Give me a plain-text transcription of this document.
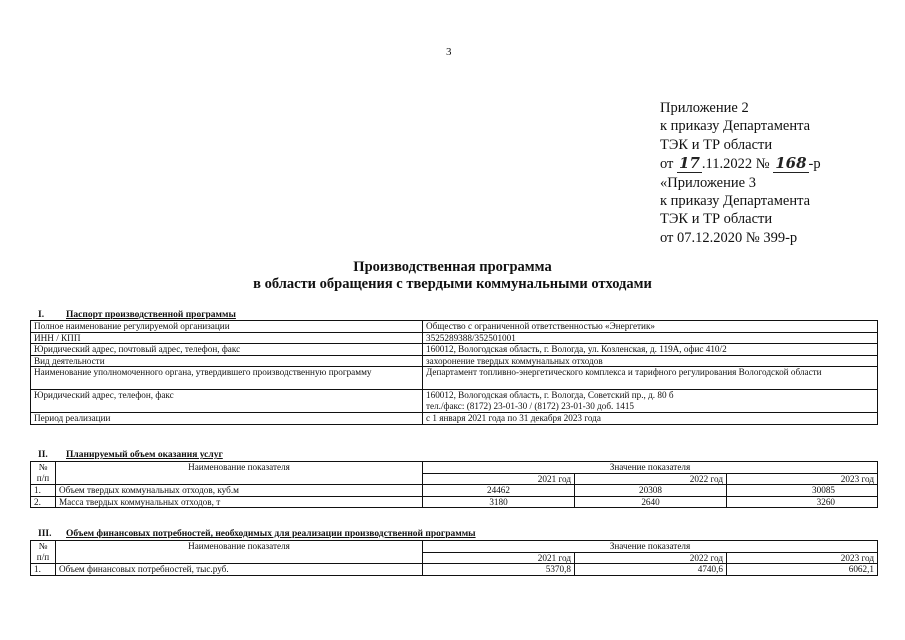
3
Приложение 2
к приказу Департамента
ТЭК и ТР области
от 17 .11.2022 № 168 -р
«Приложение 3
к приказу Департамента
ТЭК и ТР области
от 07.12.2020 № 399-р
Производственная программа
в области обращения с твердыми коммунальными отходами
I. Паспорт производственной программы
Полное наименование регулируемой организации	Общество с ограниченной ответственностью «Энергетик»
ИНН / КПП	3525289388/352501001
Юридический адрес, почтовый адрес, телефон, факс	160012, Вологодская область, г. Вологда, ул. Козленская, д. 119А, офис 410/2
Вид деятельности	захоронение твердых коммунальных отходов
Наименование уполномоченного органа, утвердившего производственную программу	Департамент топливно-энергетического комплекса и тарифного регулирования Вологодской области
Юридический адрес, телефон, факс	160012, Вологодская область, г. Вологда, Советский пр., д. 80 б
тел./факс: (8172) 23-01-30 / (8172) 23-01-30 доб. 1415
Период реализации	с 1 января 2021 года по 31 декабря 2023 года
II. Планируемый объем оказания услуг
№
п/п	Наименование показателя	Значение показателя		
		2021 год	2022 год	2023 год
1.	Объем твердых коммунальных отходов, куб.м	24462	20308	30085
2.	Масса твердых коммунальных отходов, т	3180	2640	3260
III. Объем финансовых потребностей, необходимых для реализации производственной программы
№
п/п	Наименование показателя	Значение показателя		
		2021 год	2022 год	2023 год
1.	Объем финансовых потребностей, тыс.руб.	5370,8	4740,6	6062,1
